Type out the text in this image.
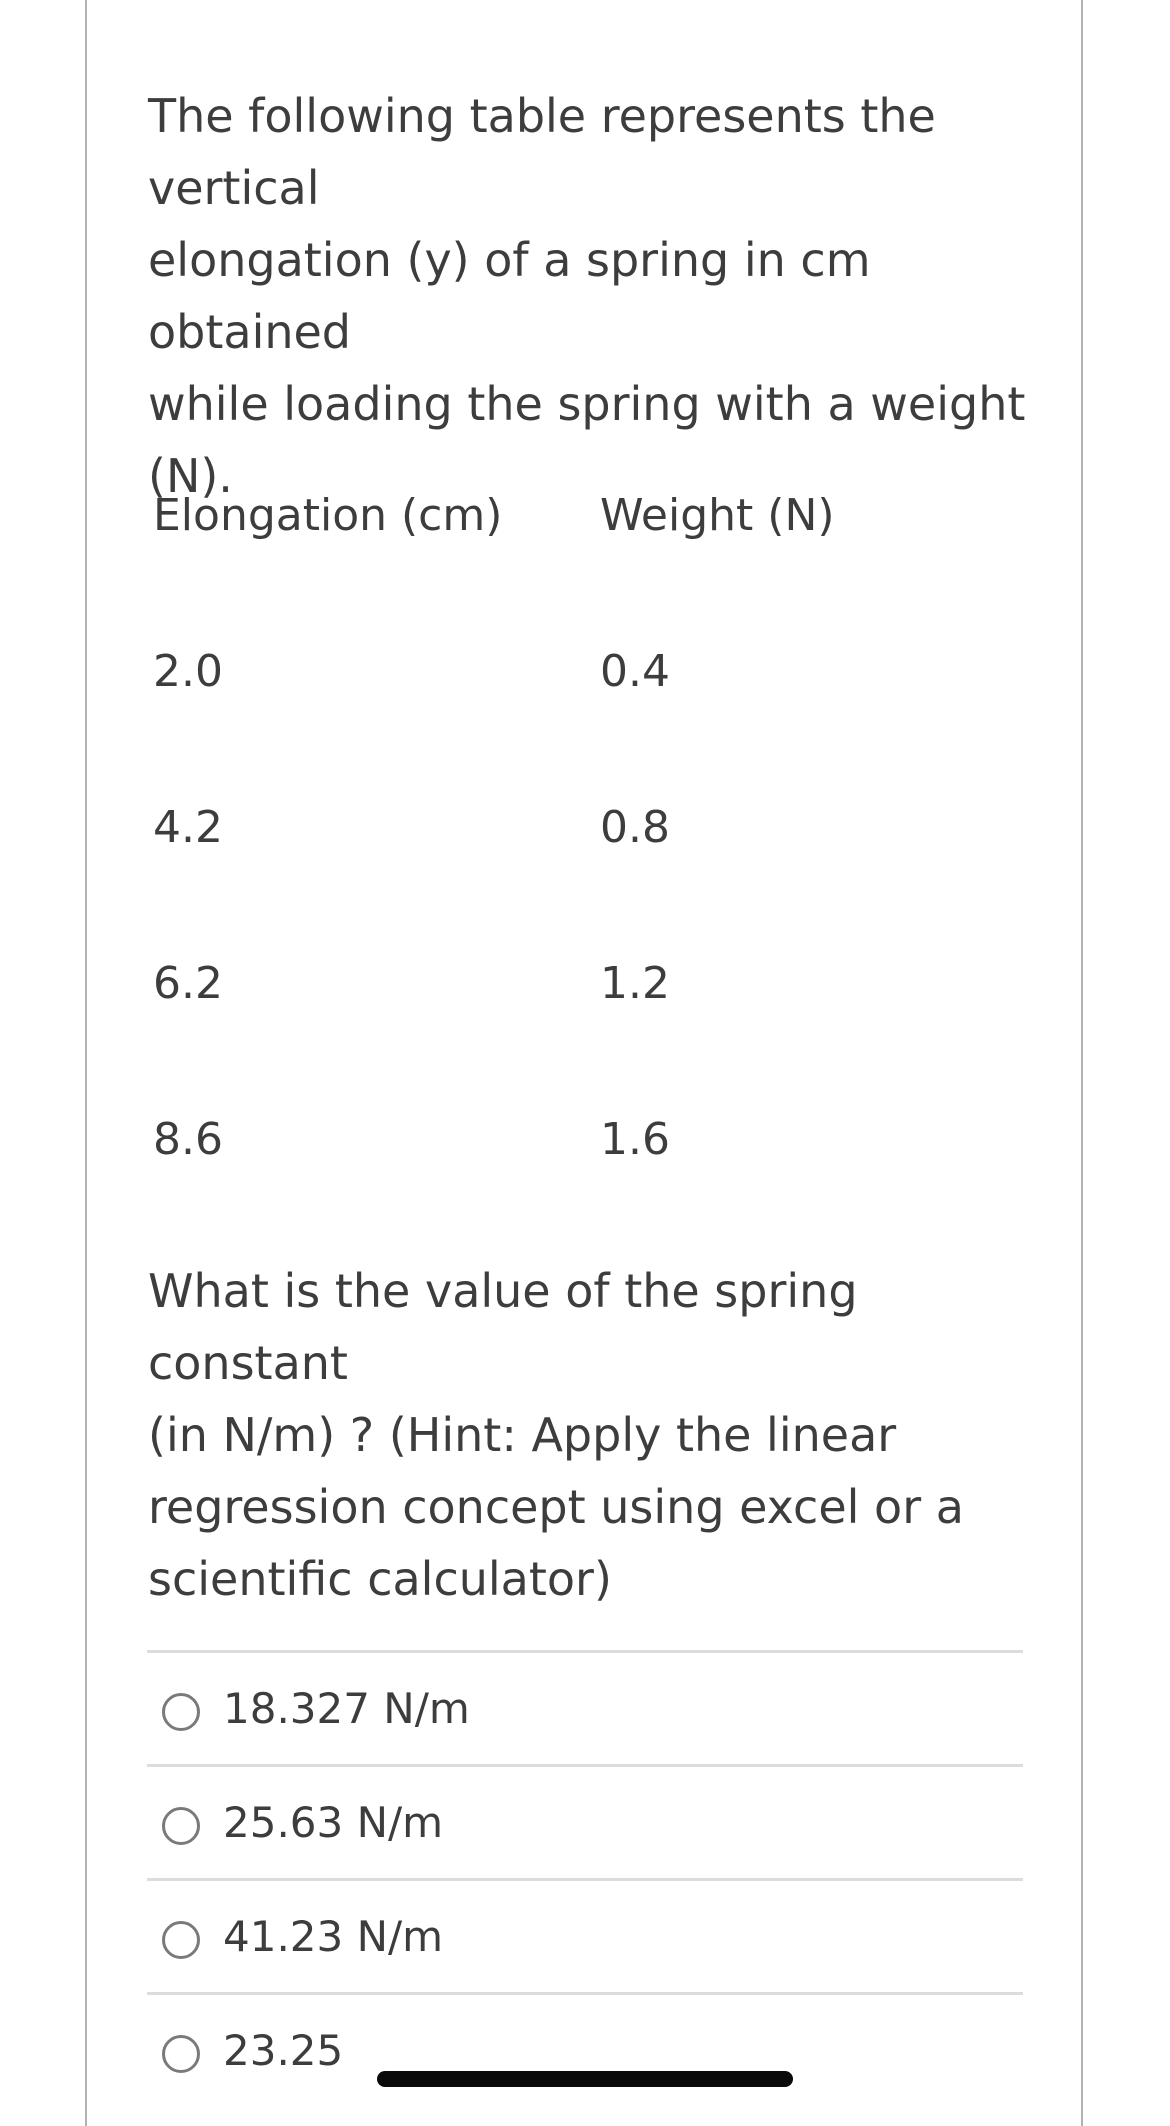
The following table represents the vertical
elongation (y) of a spring in cm obtained
while loading the spring with a weight (N).

Elongation (cm) Weight (N)
2.0	0.4
4.2	0.8
6.2	1.2
8.6	1.6

What is the value of the spring constant
(in N/m) ? (Hint: Apply the linear
regression concept using excel or a
scientific calculator)

18.327 N/m
25.63 N/m
41.23 N/m
23.25
